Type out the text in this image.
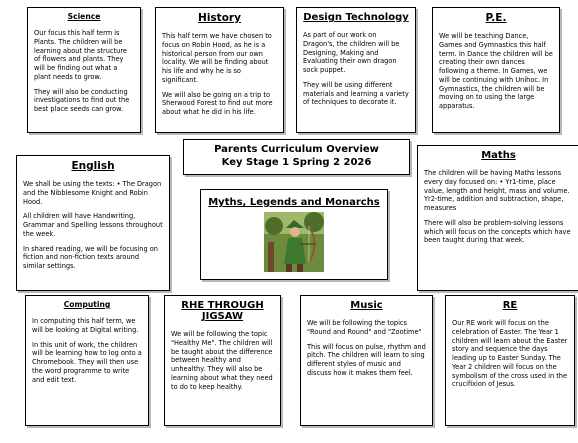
Science

Our focus this half term is Plants. The children will be learning about the structure of flowers and plants. They will be finding out what a plant needs to grow.

They will also be conducting investigations to find out the best place seeds can grow.

History

This half term we have chosen to focus on Robin Hood, as he is a historical person from our own locality. We will be finding about his life and why he is so significant.

We will also be going on a trip to Sherwood Forest to find out more about what he did in his life.

Design Technology

As part of our work on Dragon's, the children will be Designing, Making and Evaluating their own dragon sock puppet.

They will be using different materials and learning a variety of techniques to decorate it.

P.E.

We will be teaching Dance, Games and Gymnastics this half term. In Dance the children will be creating their own dances following a theme. In Games, we will be continuing with Unihoc. In Gymnastics, the children will be moving on to using the large apparatus.

English

We shall be using the texts: • The Dragon and the Nibblesome Knight and Robin Hood.

All children will have Handwriting, Grammar and Spelling lessons throughout the week.

In shared reading, we will be focusing on fiction and non-fiction texts around similar settings.

Parents Curriculum Overview
Key Stage 1 Spring 2 2026
Myths, Legends and Monarchs
Maths

The children will be having Maths lessons every day focused on: • Yr1-time, place value, length and height, mass and volume. Yr2-time, addition and subtraction, shape, measures

There will also be problem-solving lessons which will focus on the concepts which have been taught during that week.

Computing

In computing this half term, we will be looking at Digital writing.

In this unit of work, the children will be learning how to log onto a Chromebook. They will then use the word programme to write and edit text.

RHE THROUGH JIGSAW

We will be following the topic "Healthy Me". The children will be taught about the difference between healthy and unhealthy. They will also be learning about what they need to do to keep healthy.

Music

We will be following the topics "Round and Round" and "Zootime"

This will focus on pulse, rhythm and pitch. The children will learn to sing different styles of music and discuss how it makes them feel.

RE

Our RE work will focus on the celebration of Easter. The Year 1 children will learn about the Easter story and sequence the days leading up to Easter Sunday. The Year 2 children will focus on the symbolism of the cross used in the crucifixion of Jesus.
